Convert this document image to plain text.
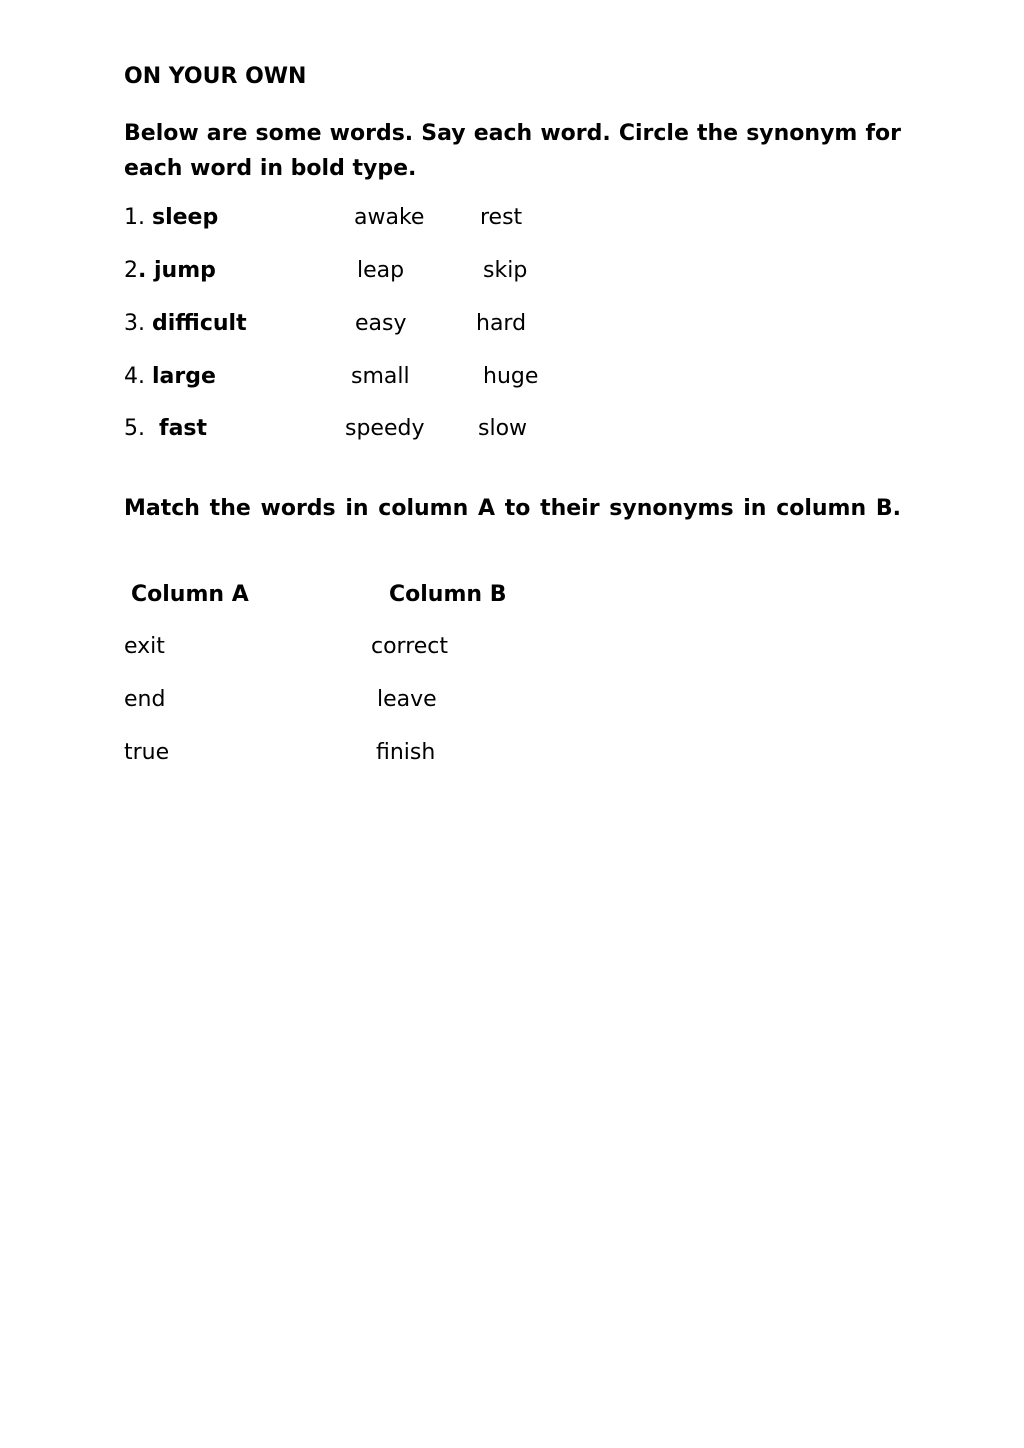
ON YOUR OWN
Below are some words. Say each word. Circle the synonym for each word in bold type.
1. sleep	awake	rest
2. jump	leap	skip
3. difficult	easy	hard
4. large	small	huge
5. fast	speedy slow
Match the words in column A to their synonyms in column B.
Column A	Column B
exit	correct
end	leave
true	finish
